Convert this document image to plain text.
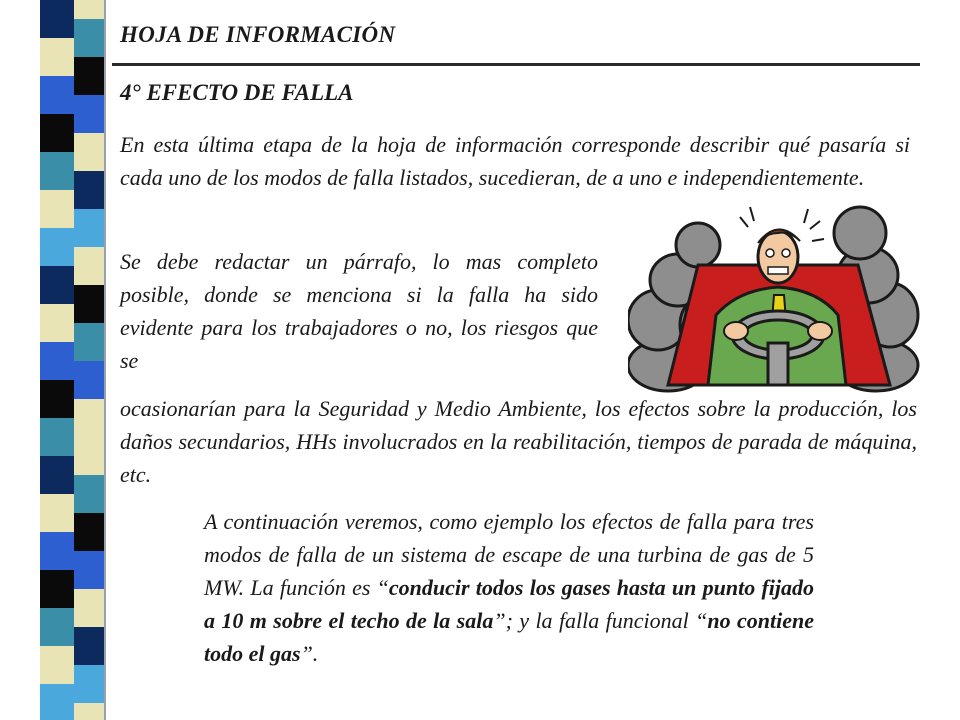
HOJA DE INFORMACIÓN
4° EFECTO DE FALLA

En esta última etapa de la hoja de información corresponde describir qué pasaría si cada uno de los modos de falla listados, sucedieran, de a uno e independientemente.

Se debe redactar un párrafo, lo mas completo posible, donde se menciona si la falla ha sido evidente para los trabajadores o no, los riesgos que se

ocasionarían para la Seguridad y Medio Ambiente, los efectos sobre la producción, los daños secundarios, HHs involucrados en la reabilitación, tiempos de parada de máquina, etc.

A continuación veremos, como ejemplo los efectos de falla para tres modos de falla de un sistema de escape de una turbina de gas de 5 MW. La función es “conducir todos los gases hasta un punto fijado a 10 m sobre el techo de la sala”; y la falla funcional “no contiene todo el gas”.
